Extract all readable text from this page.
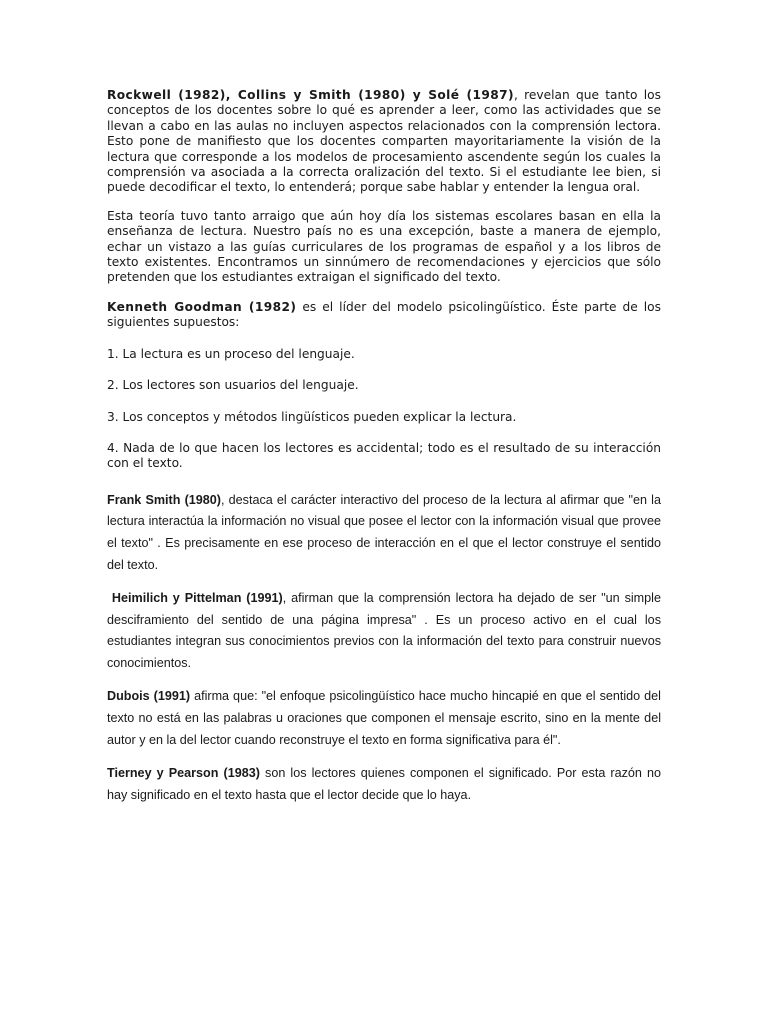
Rockwell (1982), Collins y Smith (1980) y Solé (1987), revelan que tanto los conceptos de los docentes sobre lo qué es aprender a leer, como las actividades que se llevan a cabo en las aulas no incluyen aspectos relacionados con la comprensión lectora. Esto pone de manifiesto que los docentes comparten mayoritariamente la visión de la lectura que corresponde a los modelos de procesamiento ascendente según los cuales la comprensión va asociada a la correcta oralización del texto. Si el estudiante lee bien, si puede decodificar el texto, lo entenderá; porque sabe hablar y entender la lengua oral.

Esta teoría tuvo tanto arraigo que aún hoy día los sistemas escolares basan en ella la enseñanza de lectura. Nuestro país no es una excepción, baste a manera de ejemplo, echar un vistazo a las guías curriculares de los programas de español y a los libros de texto existentes. Encontramos un sinnúmero de recomendaciones y ejercicios que sólo pretenden que los estudiantes extraigan el significado del texto.

Kenneth Goodman (1982) es el líder del modelo psicolingüístico. Éste parte de los siguientes supuestos:

1. La lectura es un proceso del lenguaje.

2. Los lectores son usuarios del lenguaje.

3. Los conceptos y métodos lingüísticos pueden explicar la lectura.

4. Nada de lo que hacen los lectores es accidental; todo es el resultado de su interacción con el texto.

Frank Smith (1980), destaca el carácter interactivo del proceso de la lectura al afirmar que "en la lectura interactúa la información no visual que posee el lector con la información visual que provee el texto" . Es precisamente en ese proceso de interacción en el que el lector construye el sentido del texto.

Heimilich y Pittelman (1991), afirman que la comprensión lectora ha dejado de ser "un simple desciframiento del sentido de una página impresa" . Es un proceso activo en el cual los estudiantes integran sus conocimientos previos con la información del texto para construir nuevos conocimientos.

Dubois (1991) afirma que: "el enfoque psicolingüístico hace mucho hincapié en que el sentido del texto no está en las palabras u oraciones que componen el mensaje escrito, sino en la mente del autor y en la del lector cuando reconstruye el texto en forma significativa para él".

Tierney y Pearson (1983) son los lectores quienes componen el significado. Por esta razón no hay significado en el texto hasta que el lector decide que lo haya.
